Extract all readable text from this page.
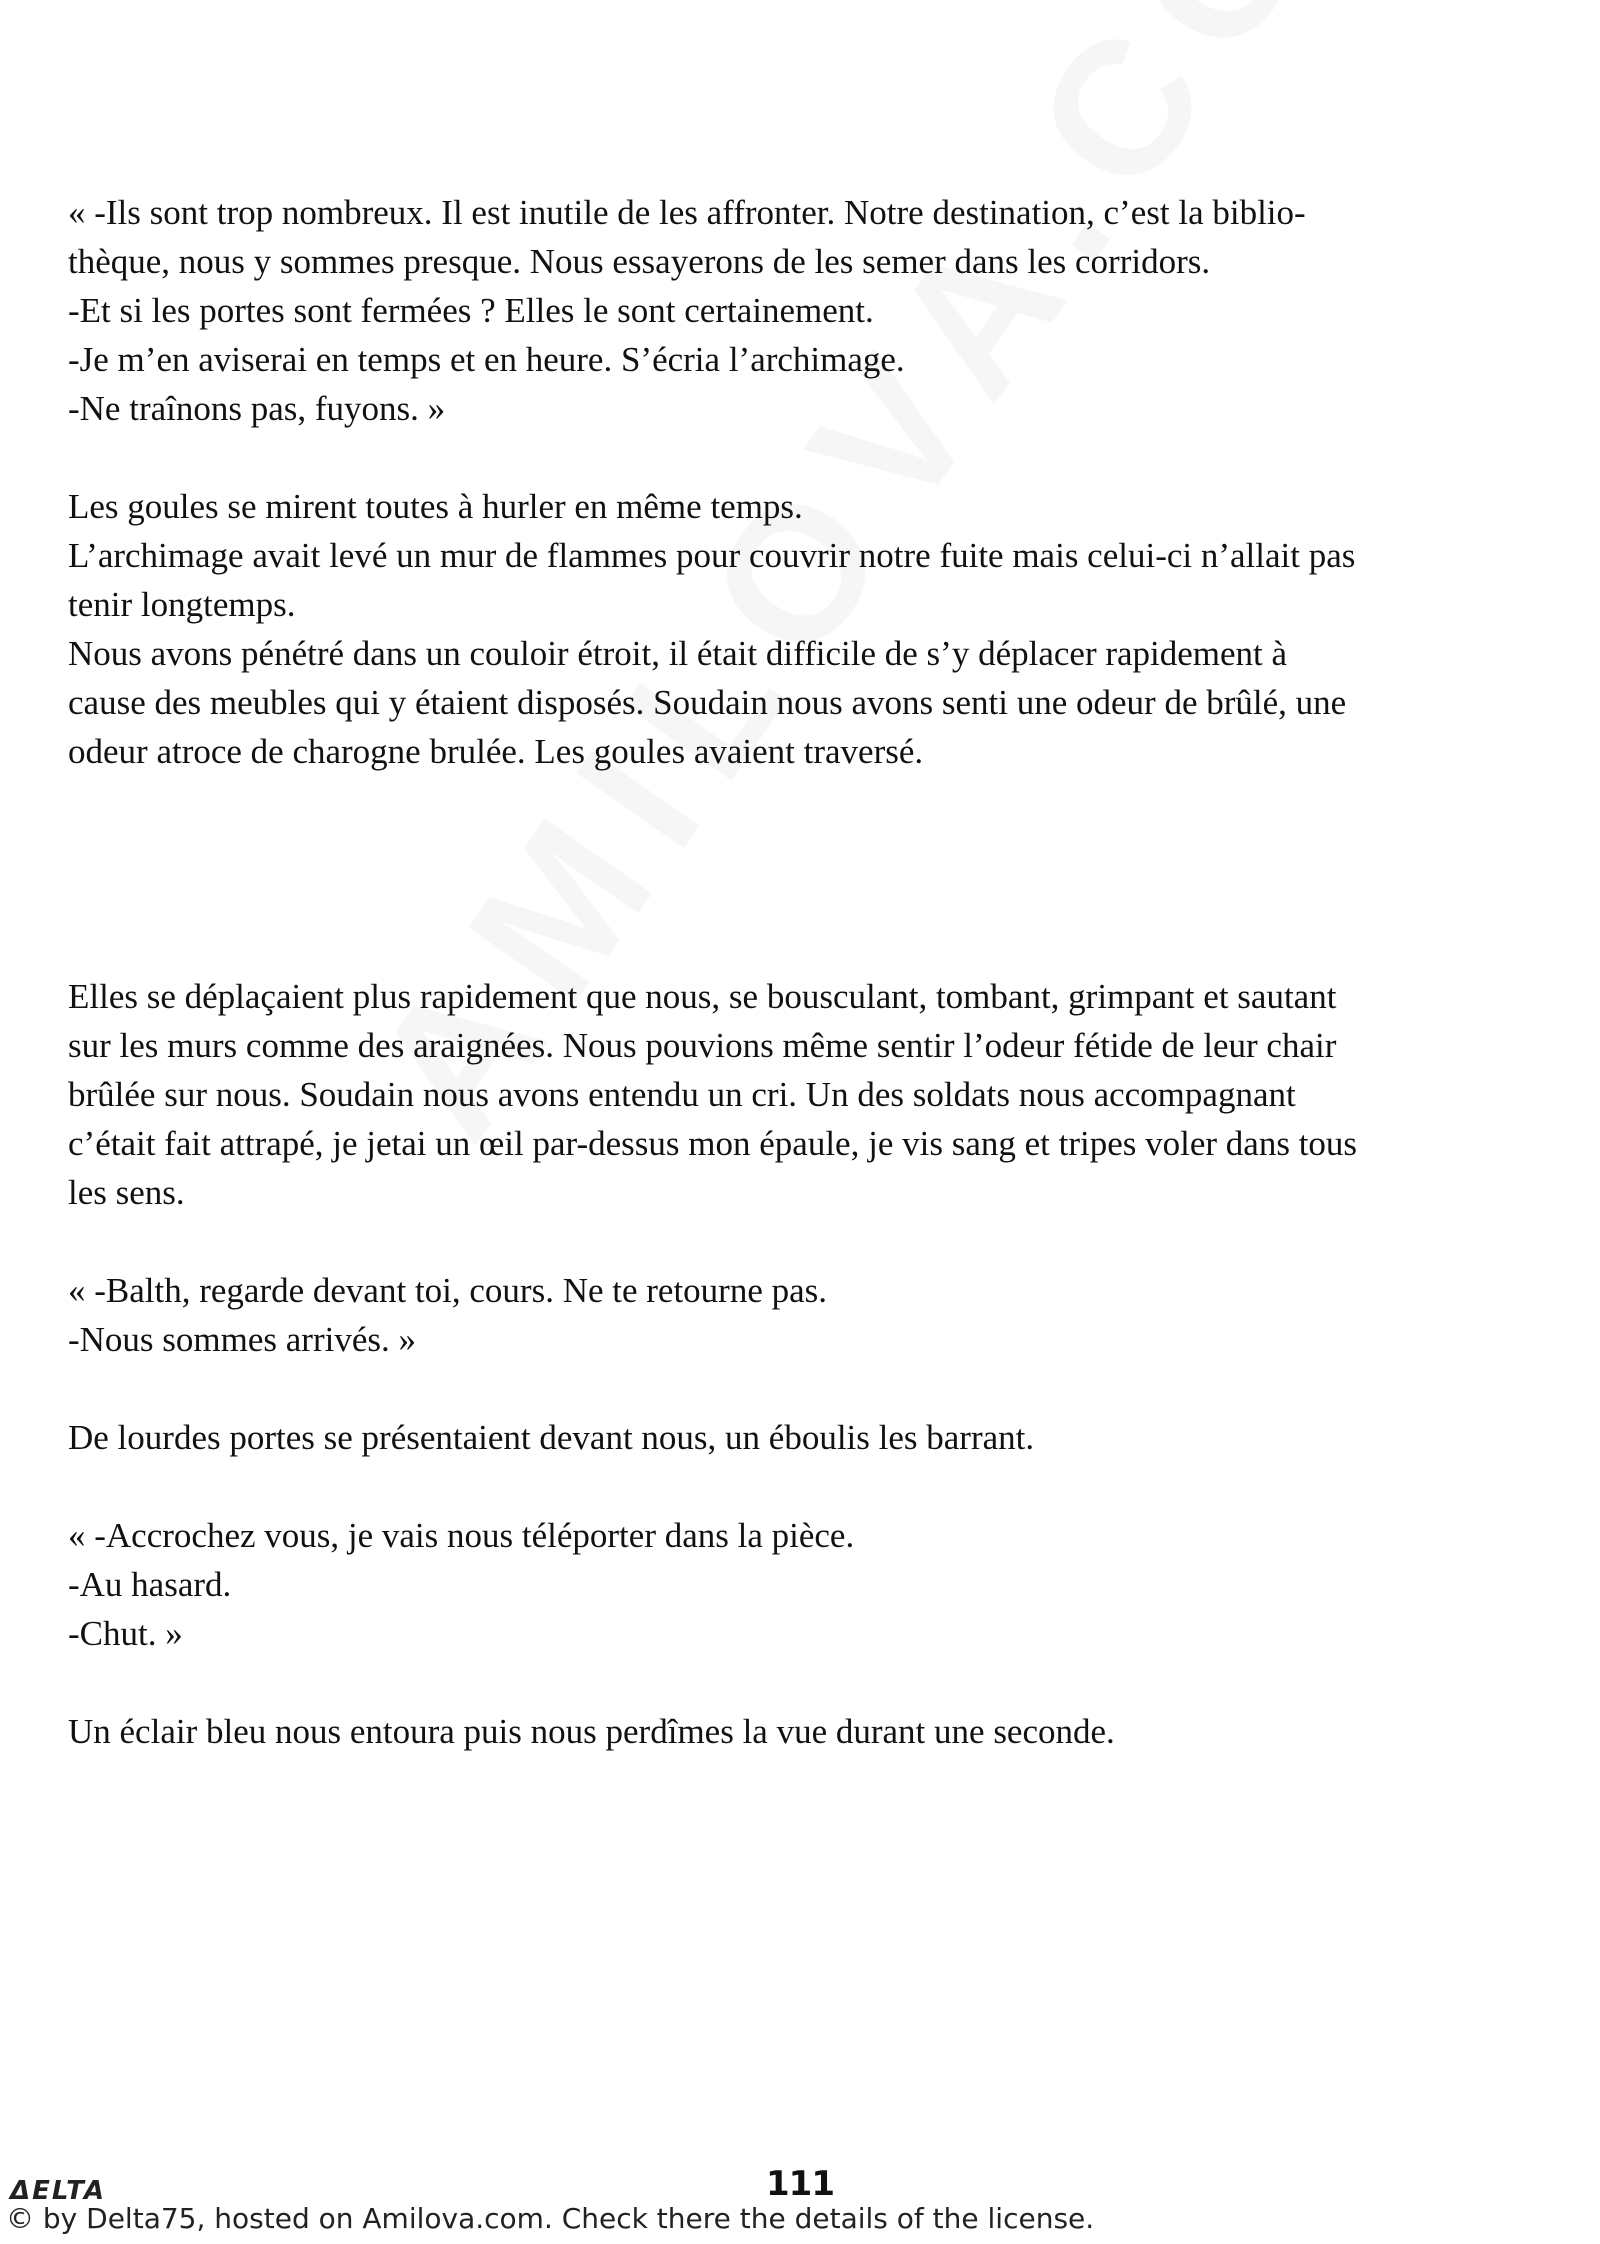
« -Ils sont trop nombreux. Il est inutile de les affronter. Notre destination, c’est la biblio-
thèque, nous y sommes presque. Nous essayerons de les semer dans les corridors.
-Et si les portes sont fermées ? Elles le sont certainement.
-Je m’en aviserai en temps et en heure. S’écria l’archimage.
-Ne traînons pas, fuyons. »

Les goules se mirent toutes à hurler en même temps.
L’archimage avait levé un mur de flammes pour couvrir notre fuite mais celui-ci n’allait pas
tenir longtemps.
Nous avons pénétré dans un couloir étroit, il était difficile de s’y déplacer rapidement à
cause des meubles qui y étaient disposés. Soudain nous avons senti une odeur de brûlé, une
odeur atroce de charogne brulée. Les goules avaient traversé.

Elles se déplaçaient plus rapidement que nous, se bousculant, tombant, grimpant et sautant
sur les murs comme des araignées. Nous pouvions même sentir l’odeur fétide de leur chair
brûlée sur nous. Soudain nous avons entendu un cri. Un des soldats nous accompagnant
c’était fait attrapé, je jetai un œil par-dessus mon épaule, je vis sang et tripes voler dans tous
les sens.

« -Balth, regarde devant toi, cours. Ne te retourne pas.
-Nous sommes arrivés. »

De lourdes portes se présentaient devant nous, un éboulis les barrant.

« -Accrochez vous, je vais nous téléporter dans la pièce.
-Au hasard.
-Chut. »

Un éclair bleu nous entoura puis nous perdîmes la vue durant une seconde.

ΔELTA	111
© by Delta75, hosted on Amilova.com. Check there the details of the license.
